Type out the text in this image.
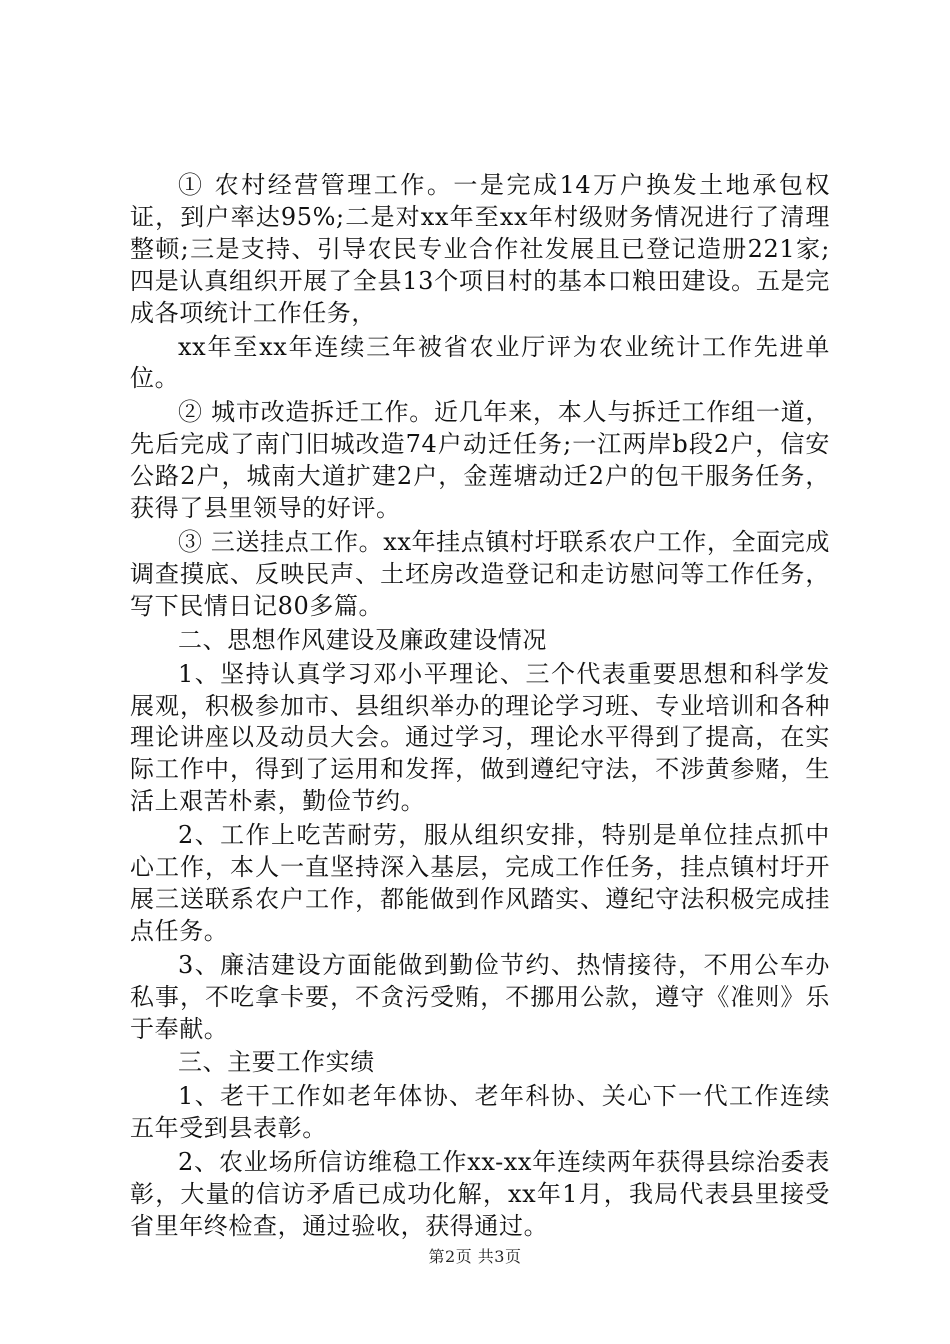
① 农村经营管理工作。一是完成14万户换发土地承包权证，到户率达95%;二是对xx年至xx年村级财务情况进行了清理整顿;三是支持、引导农民专业合作社发展且已登记造册221家;四是认真组织开展了全县13个项目村的基本口粮田建设。五是完成各项统计工作任务，

xx年至xx年连续三年被省农业厅评为农业统计工作先进单位。

② 城市改造拆迁工作。近几年来，本人与拆迁工作组一道，先后完成了南门旧城改造74户动迁任务;一江两岸b段2户，信安公路2户，城南大道扩建2户，金莲塘动迁2户的包干服务任务，获得了县里领导的好评。

③ 三送挂点工作。xx年挂点镇村圩联系农户工作，全面完成调查摸底、反映民声、土坯房改造登记和走访慰问等工作任务，写下民情日记80多篇。

二、思想作风建设及廉政建设情况

1、坚持认真学习邓小平理论、三个代表重要思想和科学发展观，积极参加市、县组织举办的理论学习班、专业培训和各种理论讲座以及动员大会。通过学习，理论水平得到了提高，在实际工作中，得到了运用和发挥，做到遵纪守法，不涉黄参赌，生活上艰苦朴素，勤俭节约。

2、工作上吃苦耐劳，服从组织安排，特别是单位挂点抓中心工作，本人一直坚持深入基层，完成工作任务，挂点镇村圩开展三送联系农户工作，都能做到作风踏实、遵纪守法积极完成挂点任务。

3、廉洁建设方面能做到勤俭节约、热情接待，不用公车办私事，不吃拿卡要，不贪污受贿，不挪用公款，遵守《准则》乐于奉献。

三、主要工作实绩

1、老干工作如老年体协、老年科协、关心下一代工作连续五年受到县表彰。

2、农业场所信访维稳工作xx-xx年连续两年获得县综治委表彰，大量的信访矛盾已成功化解，xx年1月，我局代表县里接受省里年终检查，通过验收，获得通过。

第2页 共3页
